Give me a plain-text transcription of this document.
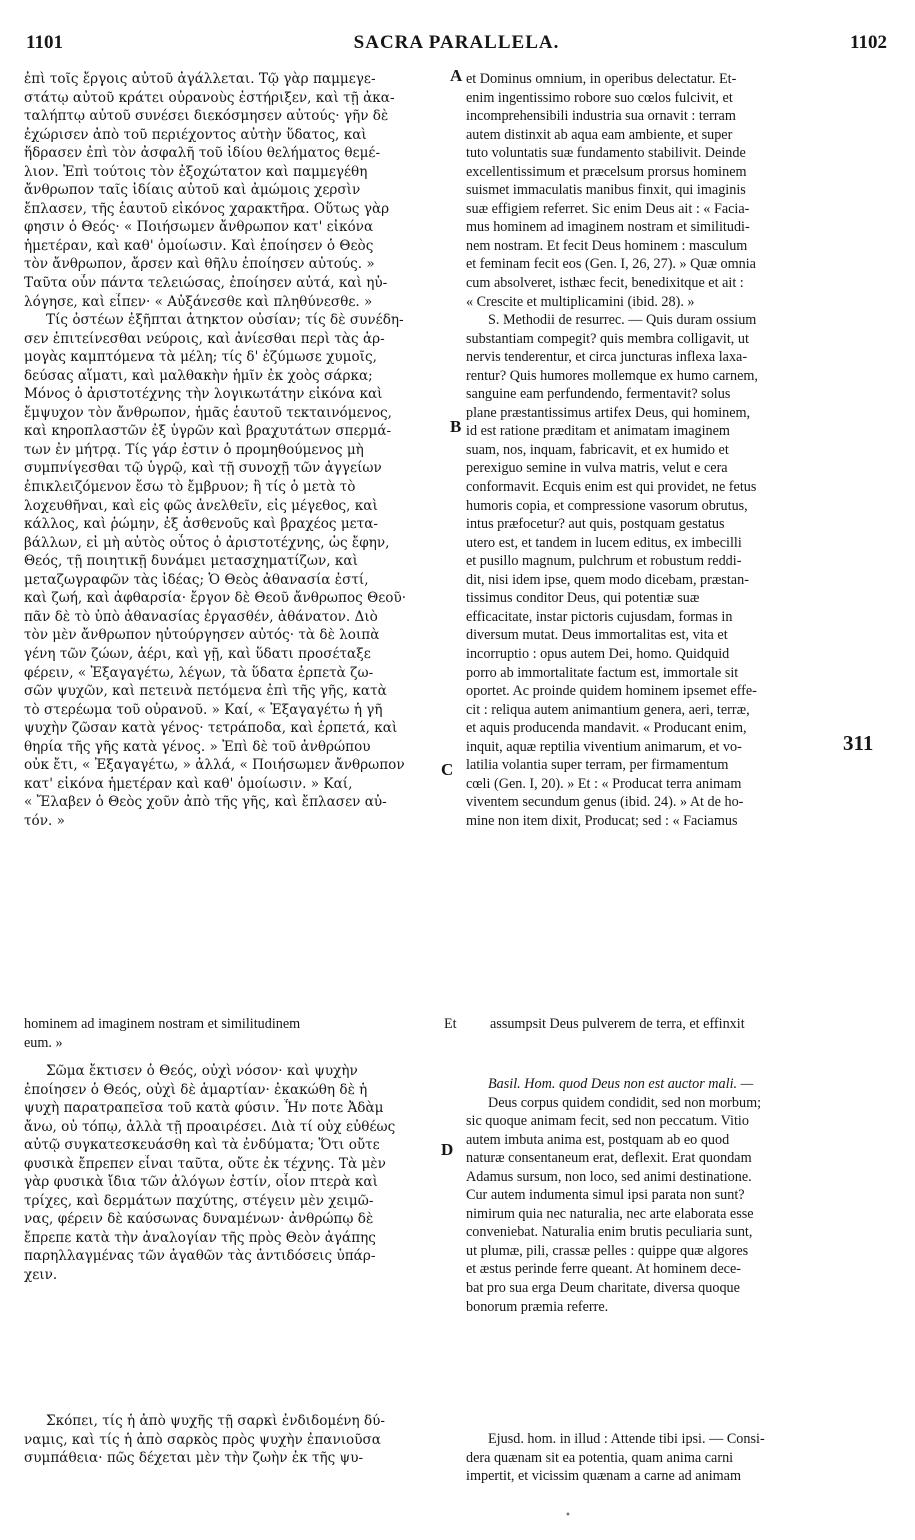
1101	SACRA PARALLELA.	1102
ἐπὶ τοῖς ἔργοις αὐτοῦ ἀγάλλεται. Τῷ γὰρ παμμεγε-
στάτῳ αὐτοῦ κράτει οὐρανοὺς ἐστήριξεν, καὶ τῇ ἀκα-
ταλήπτῳ αὐτοῦ συνέσει διεκόσμησεν αὐτούς· γῆν δὲ
ἐχώρισεν ἀπὸ τοῦ περιέχοντος αὐτὴν ὕδατος, καὶ
ἥδρασεν ἐπὶ τὸν ἀσφαλῆ τοῦ ἰδίου θελήματος θεμέ-
λιον. Ἐπὶ τούτοις τὸν ἐξοχώτατον καὶ παμμεγέθη
ἄνθρωπον ταῖς ἰδίαις αὐτοῦ καὶ ἀμώμοις χερσὶν
ἔπλασεν, τῆς ἑαυτοῦ εἰκόνος χαρακτῆρα. Οὕτως γὰρ
φησιν ὁ Θεός· « Ποιήσωμεν ἄνθρωπον κατ' εἰκόνα
ἡμετέραν, καὶ καθ' ὁμοίωσιν. Καὶ ἐποίησεν ὁ Θεὸς
τὸν ἄνθρωπον, ἄρσεν καὶ θῆλυ ἐποίησεν αὐτούς. »
Ταῦτα οὖν πάντα τελειώσας, ἐποίησεν αὐτά, καὶ ηὐ-
λόγησε, καὶ εἶπεν· « Αὐξάνεσθε καὶ πληθύνεσθε. »
Τίς ὀστέων ἐξῆπται ἀτηκτον οὐσίαν; τίς δὲ συνέδη-
σεν ἐπιτείνεσθαι νεύροις, καὶ ἀνίεσθαι περὶ τὰς ἁρ-
μογὰς καμπτόμενα τὰ μέλη; τίς δ' ἐζύμωσε χυμοῖς,
δεύσας αἵματι, καὶ μαλθακὴν ἡμῖν ἐκ χοὸς σάρκα;
Μόνος ὁ ἀριστοτέχνης τὴν λογικωτάτην εἰκόνα καὶ
ἔμψυχον τὸν ἄνθρωπον, ἡμᾶς ἑαυτοῦ τεκταινόμενος,
καὶ κηροπλαστῶν ἐξ ὑγρῶν καὶ βραχυτάτων σπερμά-
των ἐν μήτρᾳ. Τίς γάρ ἐστιν ὁ προμηθούμενος μὴ
συμπνίγεσθαι τῷ ὑγρῷ, καὶ τῇ συνοχῇ τῶν ἀγγείων
ἐπικλειζόμενον ἔσω τὸ ἔμβρυον; ἢ τίς ὁ μετὰ τὸ
λοχευθῆναι, καὶ εἰς φῶς ἀνελθεῖν, εἰς μέγεθος, καὶ
κάλλος, καὶ ῥώμην, ἐξ ἀσθενοῦς καὶ βραχέος μετα-
βάλλων, εἰ μὴ αὐτὸς οὗτος ὁ ἀριστοτέχνης, ὡς ἔφην,
Θεός, τῇ ποιητικῇ δυνάμει μετασχηματίζων, καὶ
μεταζωγραφῶν τὰς ἰδέας; Ὁ Θεὸς ἀθανασία ἐστί,
καὶ ζωή, καὶ ἀφθαρσία· ἔργον δὲ Θεοῦ ἄνθρωπος Θεοῦ·
πᾶν δὲ τὸ ὑπὸ ἀθανασίας ἐργασθέν, ἀθάνατον. Διὸ
τὸν μὲν ἄνθρωπον ηὐτούργησεν αὐτός· τὰ δὲ λοιπὰ
γένη τῶν ζώων, ἀέρι, καὶ γῇ, καὶ ὕδατι προσέταξε
φέρειν, « Ἐξαγαγέτω, λέγων, τὰ ὕδατα ἑρπετὰ ζω-
σῶν ψυχῶν, καὶ πετεινὰ πετόμενα ἐπὶ τῆς γῆς, κατὰ
τὸ στερέωμα τοῦ οὐρανοῦ. » Καί, « Ἐξαγαγέτω ἡ γῆ
ψυχὴν ζῶσαν κατὰ γένος· τετράποδα, καὶ ἑρπετά, καὶ
θηρία τῆς γῆς κατὰ γένος. » Ἐπὶ δὲ τοῦ ἀνθρώπου
οὐκ ἔτι, « Ἐξαγαγέτω, » ἀλλά, « Ποιήσωμεν ἄνθρωπον
κατ' εἰκόνα ἡμετέραν καὶ καθ' ὁμοίωσιν. » Καί,
« Ἔλαβεν ὁ Θεὸς χοῦν ἀπὸ τῆς γῆς, καὶ ἔπλασεν αὐ-
τόν. »
et Dominus omnium, in operibus delectatur. Et-
enim ingentissimo robore suo cœlos fulcivit, et
incomprehensibili industria sua ornavit : terram
autem distinxit ab aqua eam ambiente, et super
tuto voluntatis suæ fundamento stabilivit. Deinde
excellentissimum et præcelsum prorsus hominem
suismet immaculatis manibus finxit, qui imaginis
suæ effigiem referret. Sic enim Deus ait : « Facia-
mus hominem ad imaginem nostram et similitudi-
nem nostram. Et fecit Deus hominem : masculum
et feminam fecit eos (Gen. I, 26, 27). » Quæ omnia
cum absolveret, isthæc fecit, benedixitque et ait :
« Crescite et multiplicamini (ibid. 28). »
S. Methodii de resurrec. — Quis duram ossium
substantiam compegit? quis membra colligavit, ut
nervis tenderentur, et circa juncturas inflexa laxa-
rentur? Quis humores mollemque ex humo carnem,
sanguine eam perfundendo, fermentavit? solus
plane præstantissimus artifex Deus, qui hominem,
id est ratione præditam et animatam imaginem
suam, nos, inquam, fabricavit, et ex humido et
perexiguo semine in vulva matris, velut e cera
conformavit. Ecquis enim est qui providet, ne fetus
humoris copia, et compressione vasorum obrutus,
intus præfocetur? aut quis, postquam gestatus
utero est, et tandem in lucem editus, ex imbecilli
et pusillo magnum, pulchrum et robustum reddi-
dit, nisi idem ipse, quem modo dicebam, præstan-
tissimus conditor Deus, qui potentiæ suæ
efficacitate, instar pictoris cujusdam, formas in
diversum mutat. Deus immortalitas est, vita et
incorruptio : opus autem Dei, homo. Quidquid
porro ab immortalitate factum est, immortale sit
oportet. Ac proinde quidem hominem ipsemet effe-
cit : reliqua autem animantium genera, aeri, terræ,
et aquis producenda mandavit. « Producant enim,
inquit, aquæ reptilia viventium animarum, et vo-
latilia volantia super terram, per firmamentum
cœli (Gen. I, 20). » Et : « Producat terra animam
viventem secundum genus (ibid. 24). » At de ho-
mine non item dixit, Producat; sed : « Faciamus
A
B
C
D
311
hominem ad imaginem nostram et similitudinem	Et assumpsit Deus pulverem de terra, et effinxit
eum. »
Σῶμα ἔκτισεν ὁ Θεός, οὐχὶ νόσον· καὶ ψυχὴν
ἐποίησεν ὁ Θεός, οὐχὶ δὲ ἁμαρτίαν· ἐκακώθη δὲ ἡ
ψυχὴ παρατραπεῖσα τοῦ κατὰ φύσιν. Ἦν ποτε Ἀδὰμ
ἄνω, οὐ τόπῳ, ἀλλὰ τῇ προαιρέσει. Διὰ τί οὐχ εὐθέως
αὐτῷ συγκατεσκευάσθη καὶ τὰ ἐνδύματα; Ὅτι οὔτε
φυσικὰ ἔπρεπεν εἶναι ταῦτα, οὔτε ἐκ τέχνης. Τὰ μὲν
γὰρ φυσικὰ ἴδια τῶν ἀλόγων ἐστίν, οἷον πτερὰ καὶ
τρίχες, καὶ δερμάτων παχύτης, στέγειν μὲν χειμῶ-
νας, φέρειν δὲ καύσωνας δυναμένων· ἀνθρώπῳ δὲ
ἔπρεπε κατὰ τὴν ἀναλογίαν τῆς πρὸς Θεὸν ἀγάπης
παρηλλαγμένας τῶν ἀγαθῶν τὰς ἀντιδόσεις ὑπάρ-
χειν.
Σκόπει, τίς ἡ ἀπὸ ψυχῆς τῇ σαρκὶ ἐνδιδομένη δύ-
ναμις, καὶ τίς ἡ ἀπὸ σαρκὸς πρὸς ψυχὴν ἐπανιοῦσα
συμπάθεια· πῶς δέχεται μὲν τὴν ζωὴν ἐκ τῆς ψυ-
Basil. Hom. quod Deus non est auctor mali. —
Deus corpus quidem condidit, sed non morbum;
sic quoque animam fecit, sed non peccatum. Vitio
autem imbuta anima est, postquam ab eo quod
naturæ consentaneum erat, deflexit. Erat quondam
Adamus sursum, non loco, sed animi destinatione.
Cur autem indumenta simul ipsi parata non sunt?
nimirum quia nec naturalia, nec arte elaborata esse
conveniebat. Naturalia enim brutis peculiaria sunt,
ut plumæ, pili, crassæ pelles : quippe quæ algores
et æstus perinde ferre queant. At hominem dece-
bat pro sua erga Deum charitate, diversa quoque
bonorum præmia referre.
Ejusd. hom. in illud : Attende tibi ipsi. — Consi-
dera quænam sit ea potentia, quam anima carni
impertit, et vicissim quænam a carne ad animam
•
